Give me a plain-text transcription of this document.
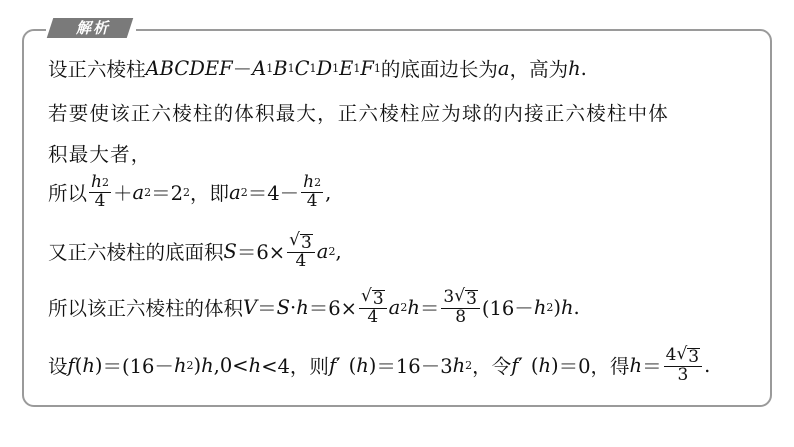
解析
设正六棱柱 ABCDEF － A 1 B 1 C 1 D 1 E 1 F 1 的底面边长为 a ，高为 h .
若要使该正六棱柱的体积最大，正六棱柱应为球的内接正六棱柱中体
积最大者，
所以 $\frac{h 2}{4} + a$ 2 ＝2 2 ，即 a $2 =4- \frac{h 2}{4}$ ,
又正六棱柱的底面积 $S =6\times \frac{√ 3}{4}$ a 2 ,
所以该正六棱柱的体积 $V = S \cdot h =6\times \frac{√ 3}{4}$ a 2 $h = \frac{3 √ 3}{8} (16- h$ 2 ) h .
设 f ( h ) ＝(16－ h 2 ) h ,0< h <4，则 f ′ ( h ) ＝16－3 h 2 ，令 f ′ ( h ) ＝0，得 $h = \frac{4 √ 3}{3}$ .
